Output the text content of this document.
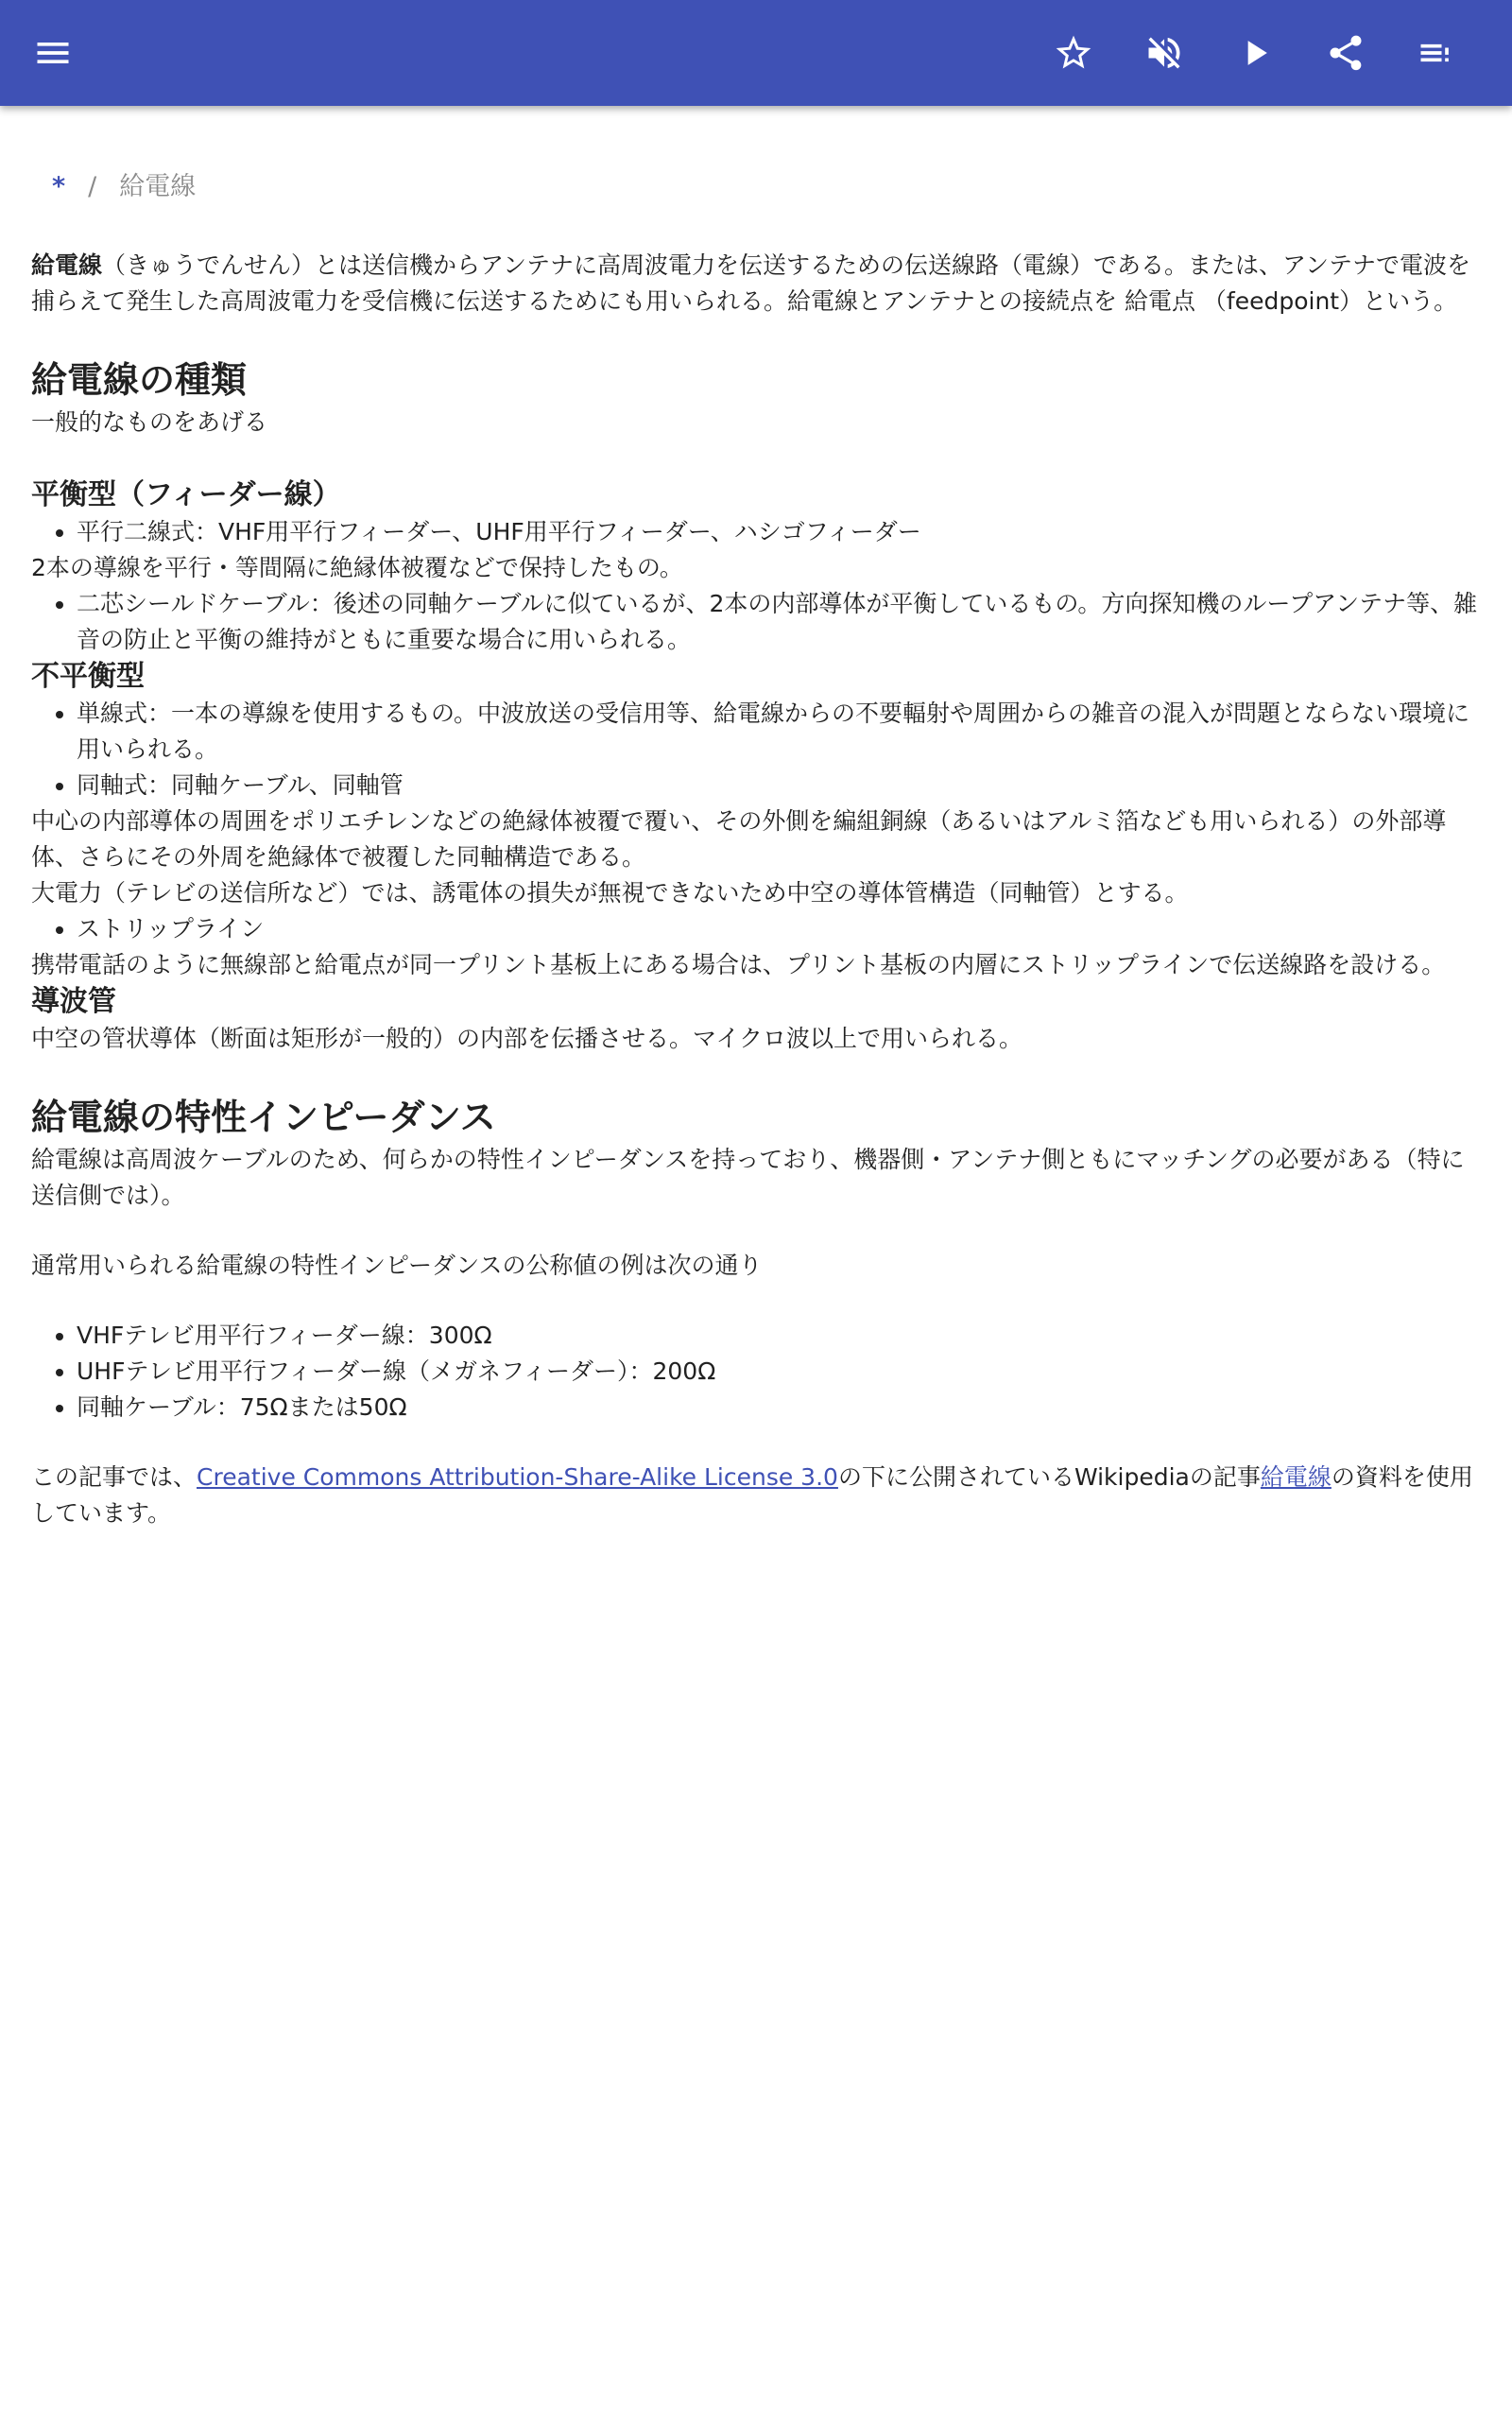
* / 給電線

給電線（きゅうでんせん）とは送信機からアンテナに高周波電力を伝送するための伝送線路（電線）である。または、アンテナで電波を捕らえて発生した高周波電力を受信機に伝送するためにも用いられる。給電線とアンテナとの接続点を 給電点 （feedpoint）という。

給電線の種類

一般的なものをあげる

平衡型（フィーダー線）
• 平行二線式：VHF用平行フィーダー、UHF用平行フィーダー、ハシゴフィーダー

2本の導線を平行・等間隔に絶縁体被覆などで保持したもの。

• 二芯シールドケーブル：後述の同軸ケーブルに似ているが、2本の内部導体が平衡しているもの。方向探知機のループアンテナ等、雑音の防止と平衡の維持がともに重要な場合に用いられる。
不平衡型
• 単線式：一本の導線を使用するもの。中波放送の受信用等、給電線からの不要輻射や周囲からの雑音の混入が問題とならない環境に用いられる。
• 同軸式：同軸ケーブル、同軸管

中心の内部導体の周囲をポリエチレンなどの絶縁体被覆で覆い、その外側を編組銅線（あるいはアルミ箔なども用いられる）の外部導体、さらにその外周を絶縁体で被覆した同軸構造である。

大電力（テレビの送信所など）では、誘電体の損失が無視できないため中空の導体管構造（同軸管）とする。

• ストリップライン

携帯電話のように無線部と給電点が同一プリント基板上にある場合は、プリント基板の内層にストリップラインで伝送線路を設ける。

導波管

中空の管状導体（断面は矩形が一般的）の内部を伝播させる。マイクロ波以上で用いられる。

給電線の特性インピーダンス

給電線は高周波ケーブルのため、何らかの特性インピーダンスを持っており、機器側・アンテナ側ともにマッチングの必要がある（特に送信側では）。

通常用いられる給電線の特性インピーダンスの公称値の例は次の通り

• VHFテレビ用平行フィーダー線：300Ω
• UHFテレビ用平行フィーダー線（メガネフィーダー）：200Ω
• 同軸ケーブル：75Ωまたは50Ω

この記事では、Creative Commons Attribution-Share-Alike License 3.0の下に公開されているWikipediaの記事給電線の資料を使用しています。
